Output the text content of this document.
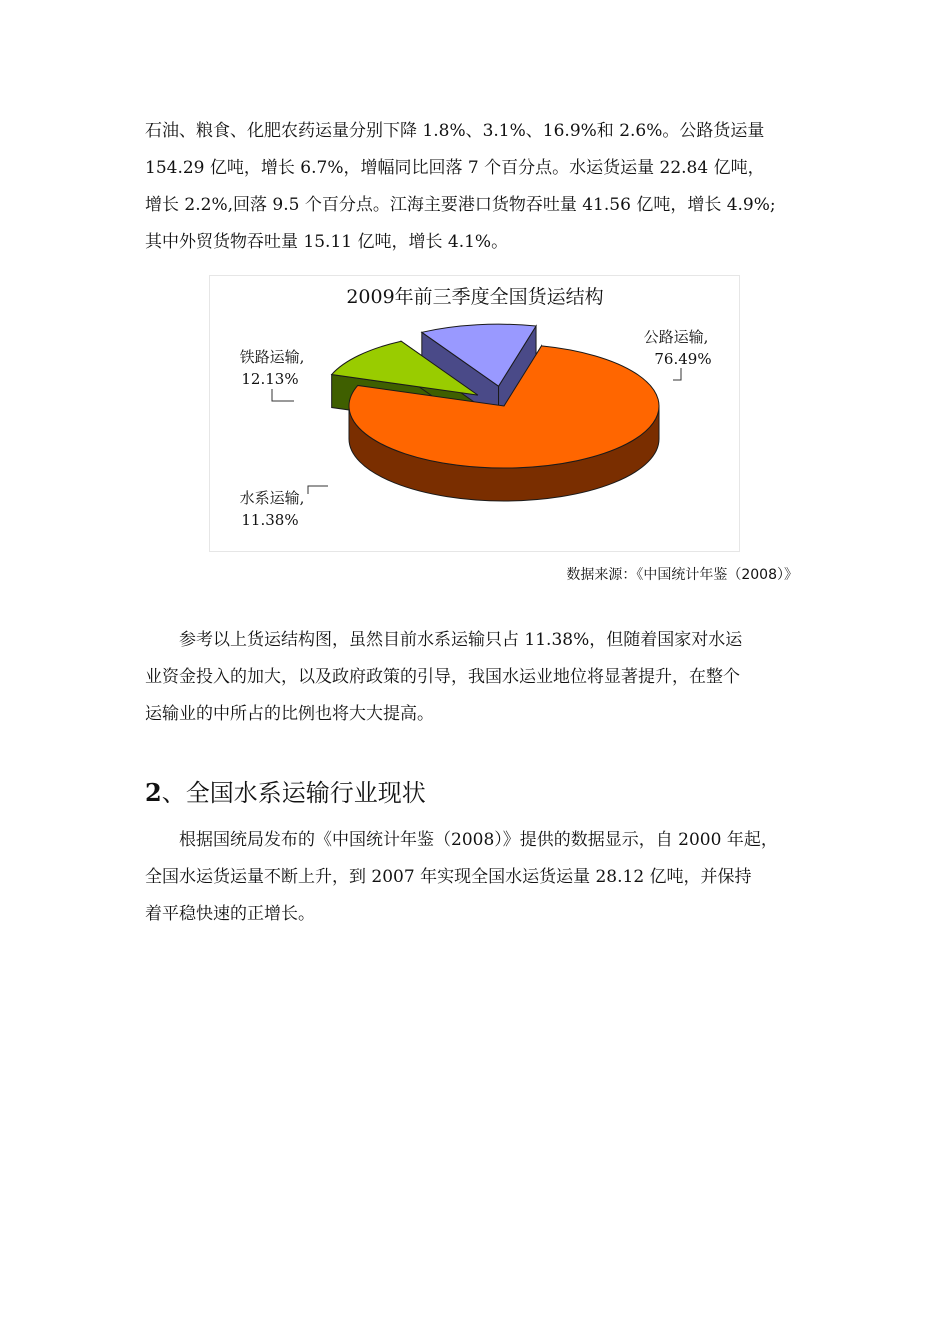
石油、粮食、化肥农药运量分别下降 1.8%、3.1%、16.9%和 2.6%。公路货运量
154.29 亿吨，增长 6.7%，增幅同比回落 7 个百分点。水运货运量 22.84 亿吨，
增长 2.2%,回落 9.5 个百分点。江海主要港口货物吞吐量 41.56 亿吨，增长 4.9%;
其中外贸货物吞吐量 15.11 亿吨，增长 4.1%。

2009年前三季度全国货运结构
公路运输,
76.49%
铁路运输,
12.13%
水系运输,
11.38%
数据来源：《中国统计年鉴（2008）》

参考以上货运结构图，虽然目前水系运输只占 11.38%，但随着国家对水运
业资金投入的加大，以及政府政策的引导，我国水运业地位将显著提升，在整个
运输业的中所占的比例也将大大提高。

2、全国水系运输行业现状

根据国统局发布的《中国统计年鉴（2008）》提供的数据显示，自 2000 年起，
全国水运货运量不断上升，到 2007 年实现全国水运货运量 28.12 亿吨，并保持
着平稳快速的正增长。
